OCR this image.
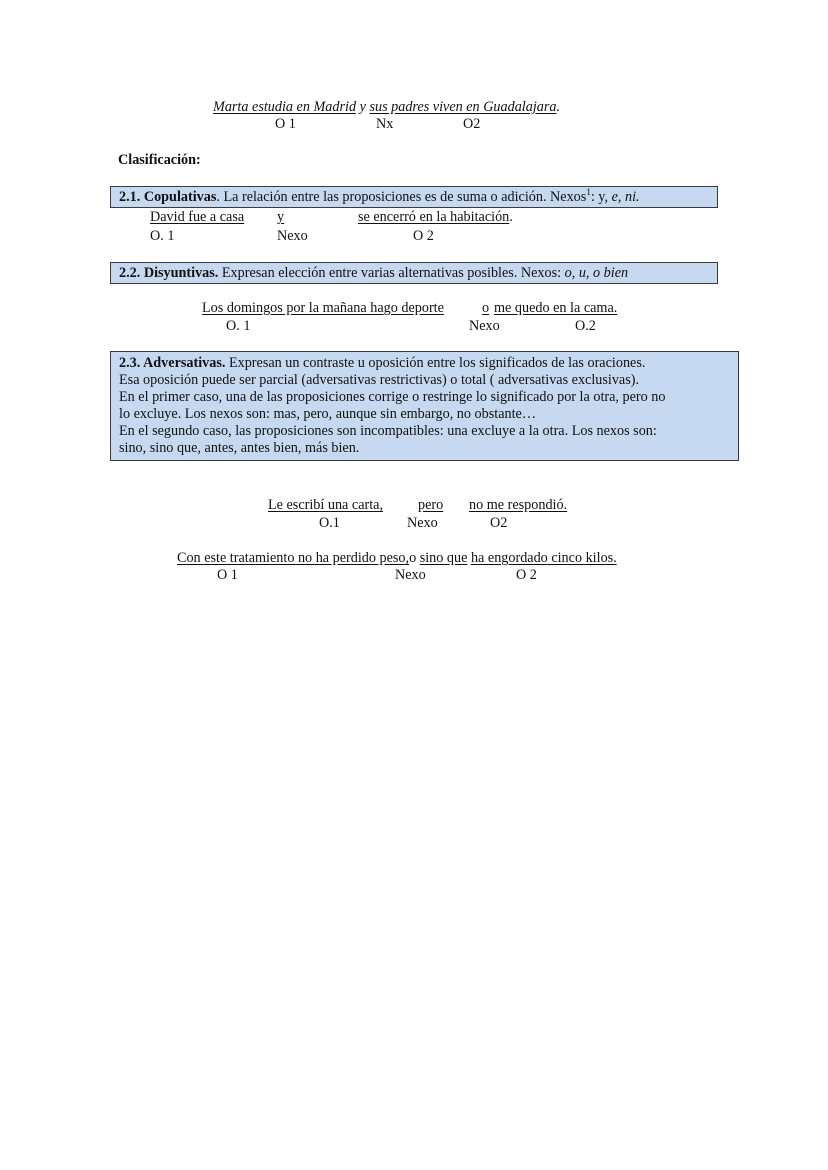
Marta estudia en Madrid y sus padres viven en Guadalajara.
O 1	Nx	O2
Clasificación:
2.1. Copulativas. La relación entre las proposiciones es de suma o adición. Nexos$^1$: y, e, ni.
David fue a casa y	se encerró en la habitación.
O. 1	Nexo	O 2
2.2. Disyuntivas. Expresan elección entre varias alternativas posibles. Nexos: o, u, o bien
Los domingos por la mañana hago deporte	o me quedo en la cama.
O. 1	Nexo	O.2
2.3. Adversativas. Expresan un contraste u oposición entre los significados de las oraciones.
Esa oposición puede ser parcial (adversativas restrictivas) o total ( adversativas exclusivas).
En el primer caso, una de las proposiciones corrige o restringe lo significado por la otra, pero no
lo excluye. Los nexos son: mas, pero, aunque sin embargo, no obstante…
En el segundo caso, las proposiciones son incompatibles: una excluye a la otra. Los nexos son:
sino, sino que, antes, antes bien, más bien.
Le escribí una carta, pero no me respondió.
O.1	Nexo	O2
Con este tratamiento no ha perdido peso,o sino que ha engordado cinco kilos.
O 1	Nexo	O 2
